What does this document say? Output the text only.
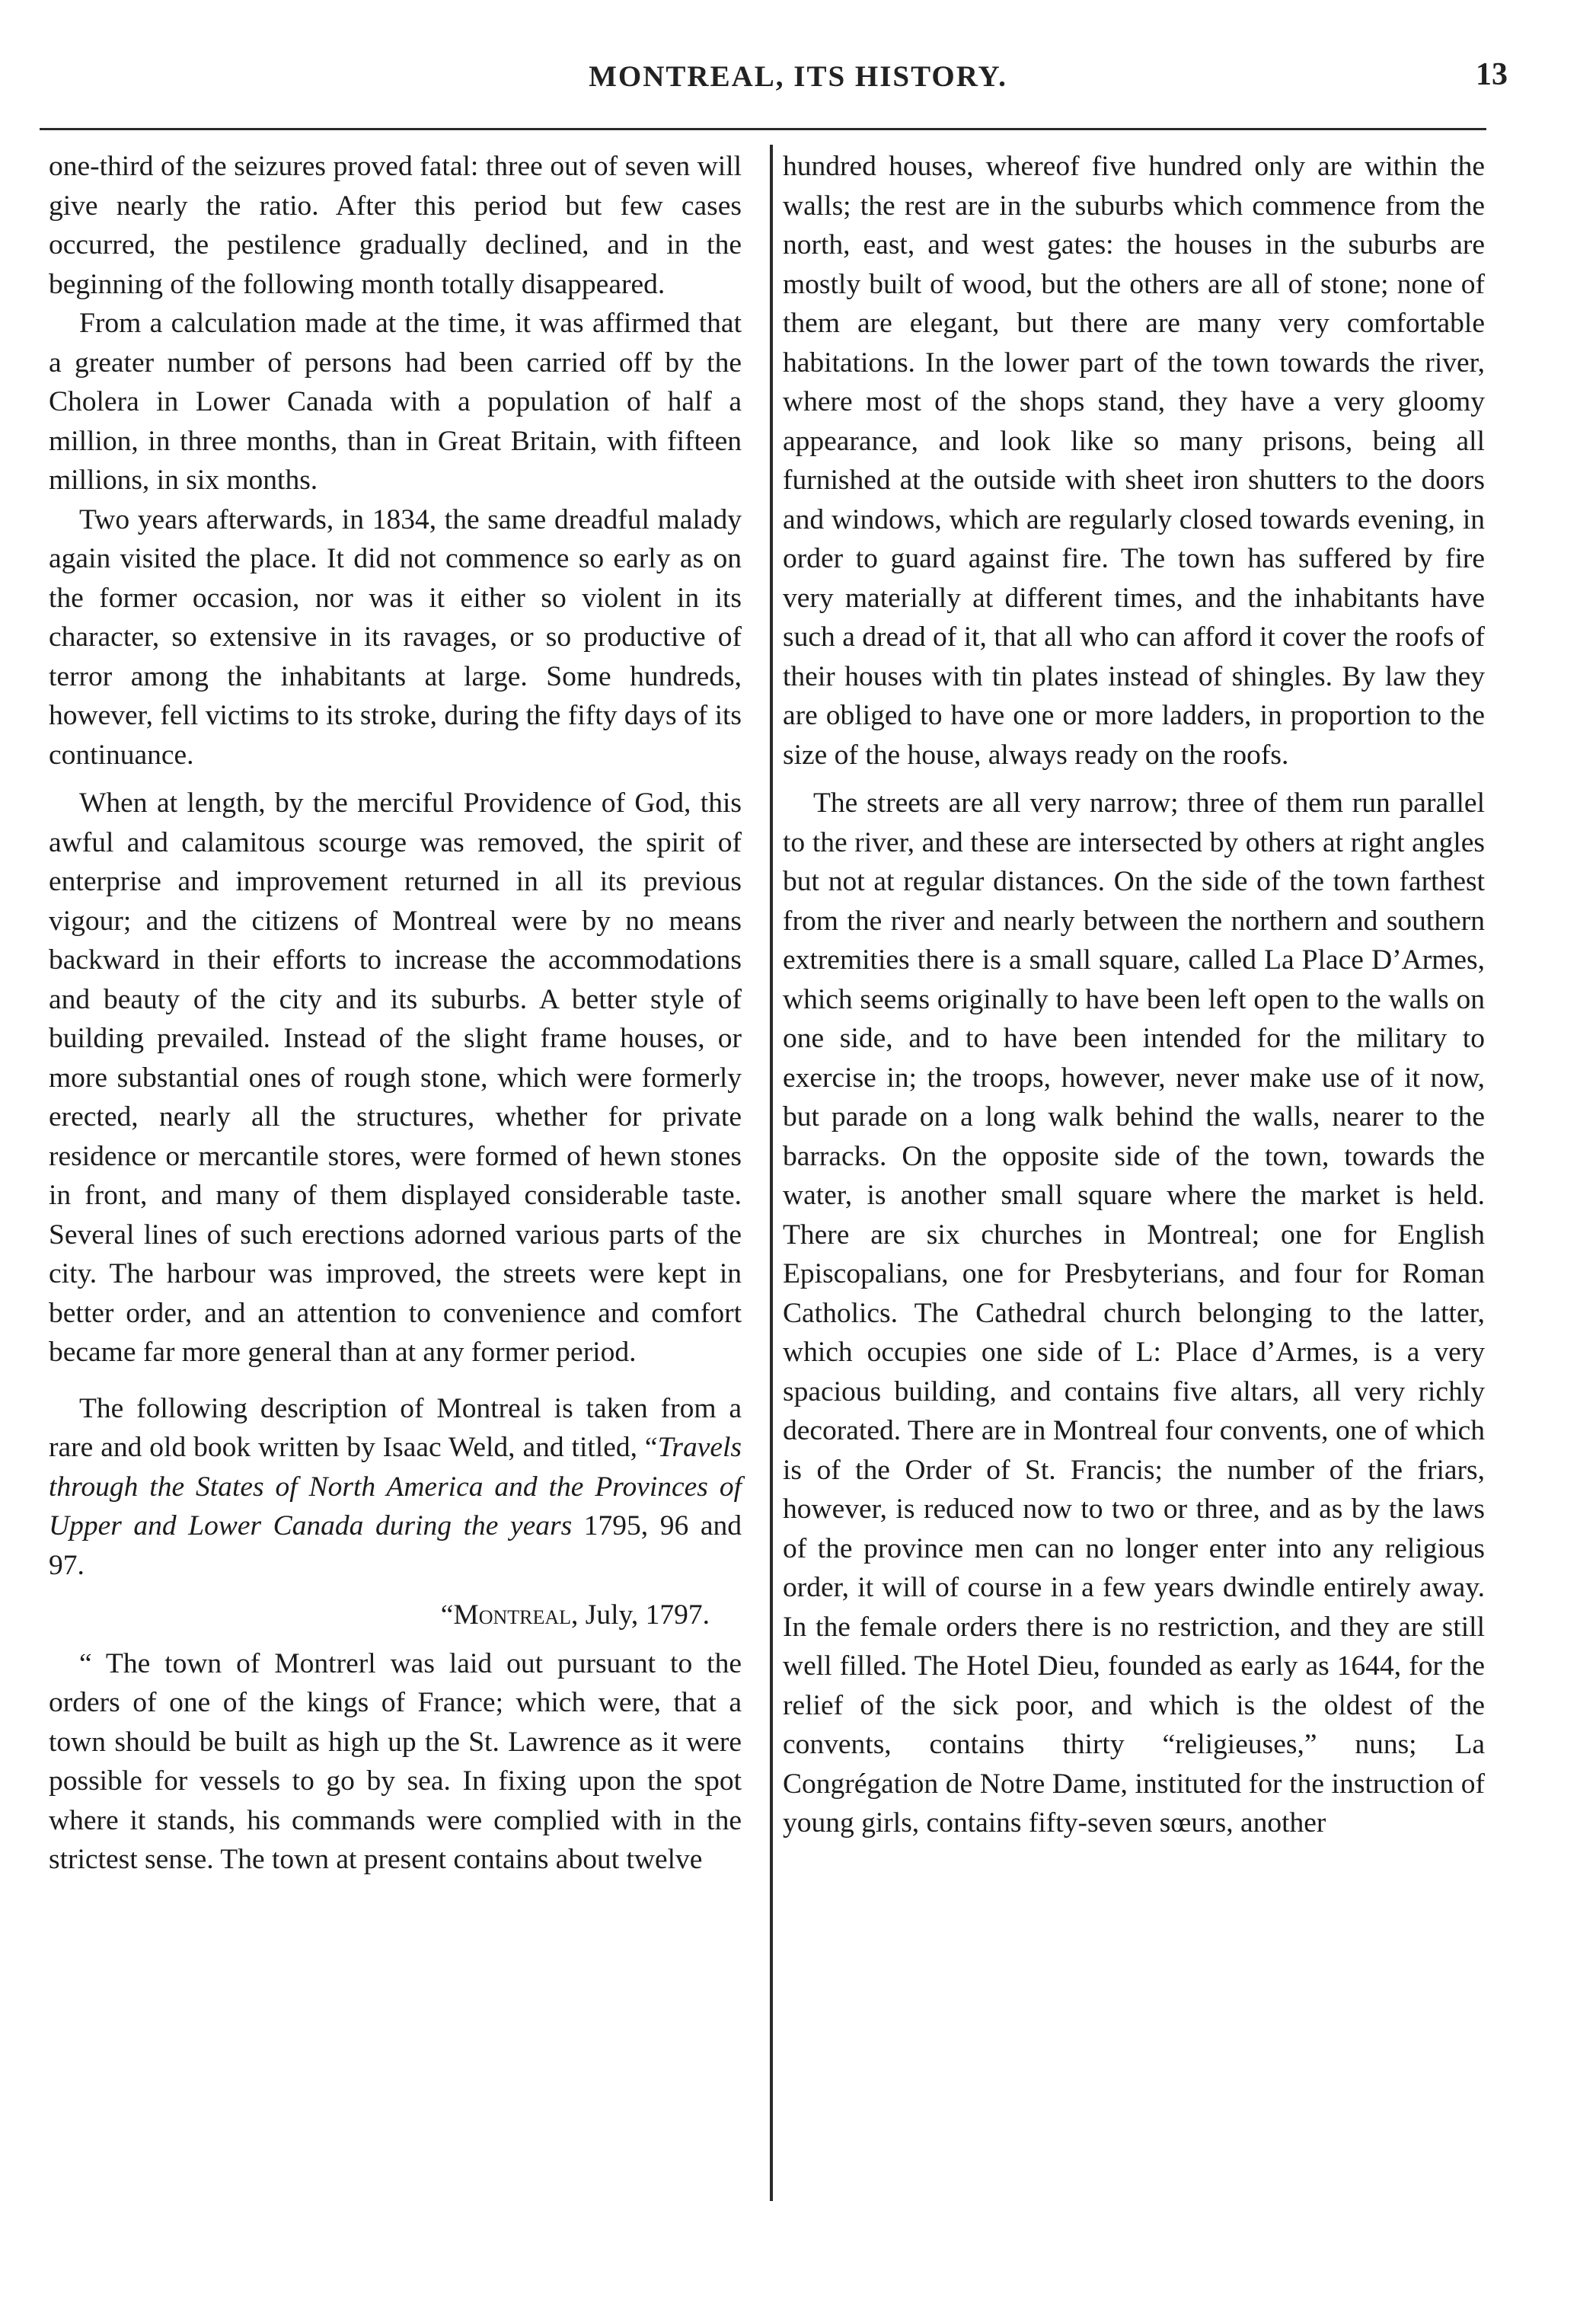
MONTREAL, ITS HISTORY.	13

one-third of the seizures proved fatal: three out of seven will give nearly the ratio. After this period but few cases occurred, the pestilence gradually declined, and in the beginning of the following month totally disappeared.

From a calculation made at the time, it was affirmed that a greater number of persons had been carried off by the Cholera in Lower Canada with a population of half a million, in three months, than in Great Britain, with fifteen millions, in six months.

Two years afterwards, in 1834, the same dreadful malady again visited the place. It did not commence so early as on the former occasion, nor was it either so violent in its character, so extensive in its ravages, or so productive of terror among the inhabitants at large. Some hundreds, however, fell victims to its stroke, during the fifty days of its continuance.

When at length, by the merciful Providence of God, this awful and calamitous scourge was removed, the spirit of enterprise and improvement returned in all its previous vigour; and the citizens of Montreal were by no means backward in their efforts to increase the accommodations and beauty of the city and its suburbs. A better style of building prevailed. Instead of the slight frame houses, or more substantial ones of rough stone, which were formerly erected, nearly all the structures, whether for private residence or mercantile stores, were formed of hewn stones in front, and many of them displayed considerable taste. Several lines of such erections adorned various parts of the city. The harbour was improved, the streets were kept in better order, and an attention to convenience and comfort became far more general than at any former period.

The following description of Montreal is taken from a rare and old book written by Isaac Weld, and titled, “Travels through the States of North America and the Provinces of Upper and Lower Canada during the years 1795, 96 and 97.

“Montreal, July, 1797.

“ The town of Montrerl was laid out pursuant to the orders of one of the kings of France; which were, that a town should be built as high up the St. Lawrence as it were possible for vessels to go by sea. In fixing upon the spot where it stands, his commands were complied with in the strictest sense. The town at present contains about twelve

hundred houses, whereof five hundred only are within the walls; the rest are in the suburbs which commence from the north, east, and west gates: the houses in the suburbs are mostly built of wood, but the others are all of stone; none of them are elegant, but there are many very comfortable habitations. In the lower part of the town towards the river, where most of the shops stand, they have a very gloomy appearance, and look like so many prisons, being all furnished at the outside with sheet iron shutters to the doors and windows, which are regularly closed towards evening, in order to guard against fire. The town has suffered by fire very materially at different times, and the inhabitants have such a dread of it, that all who can afford it cover the roofs of their houses with tin plates instead of shingles. By law they are obliged to have one or more ladders, in proportion to the size of the house, always ready on the roofs.

The streets are all very narrow; three of them run parallel to the river, and these are intersected by others at right angles but not at regular distances. On the side of the town farthest from the river and nearly between the northern and southern extremities there is a small square, called La Place D’Armes, which seems originally to have been left open to the walls on one side, and to have been intended for the military to exercise in; the troops, however, never make use of it now, but parade on a long walk behind the walls, nearer to the barracks. On the opposite side of the town, towards the water, is another small square where the market is held. There are six churches in Montreal; one for English Episcopalians, one for Presbyterians, and four for Roman Catholics. The Cathedral church belonging to the latter, which occupies one side of L: Place d’Armes, is a very spacious building, and contains five altars, all very richly decorated. There are in Montreal four convents, one of which is of the Order of St. Francis; the number of the friars, however, is reduced now to two or three, and as by the laws of the province men can no longer enter into any religious order, it will of course in a few years dwindle entirely away. In the female orders there is no restriction, and they are still well filled. The Hotel Dieu, founded as early as 1644, for the relief of the sick poor, and which is the oldest of the convents, contains thirty “religieuses,” nuns; La Congrégation de Notre Dame, instituted for the instruction of young girls, contains fifty-seven sœurs, another
